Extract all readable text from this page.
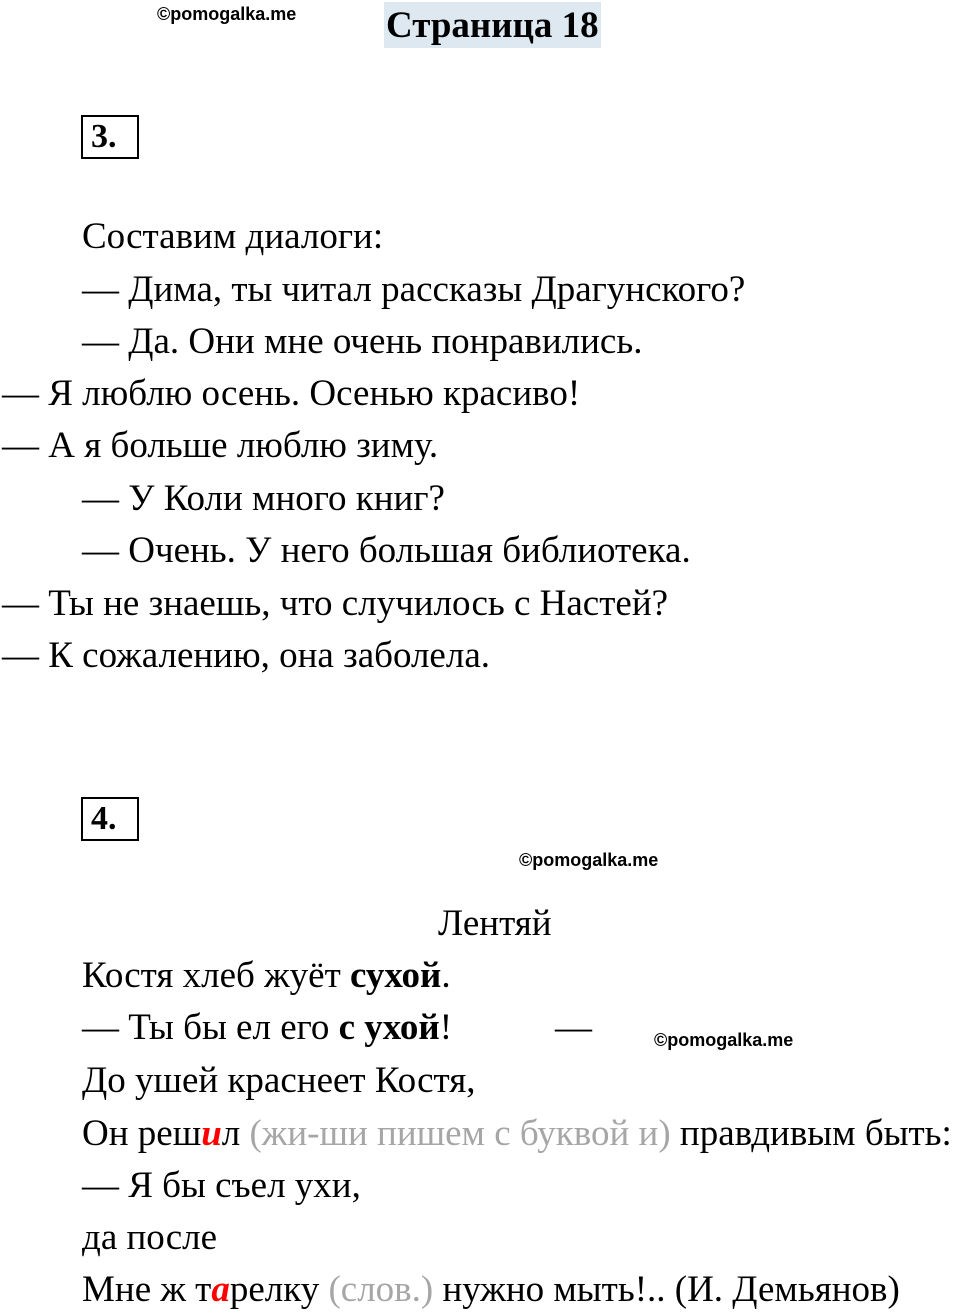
©pomogalka.me Страница 18
3.
Составим диалоги:
— Дима, ты читал рассказы Драгунского?
— Да. Они мне очень понравились.
— Я люблю осень. Осенью красиво!
— А я больше люблю зиму.
— У Коли много книг?
— Очень. У него большая библиотека.
— Ты не знаешь, что случилось с Настей?
— К сожалению, она заболела.
4.
©pomogalka.me
Лентяй
Костя хлеб жуёт сухой.
— Ты бы ел его с ухой!	—	©pomogalka.me
До ушей краснеет Костя,
Он решил (жи-ши пишем с буквой и) правдивым быть:
— Я бы съел ухи,
да после
Мне ж тарелку (слов.) нужно мыть!.. (И. Демьянов)
